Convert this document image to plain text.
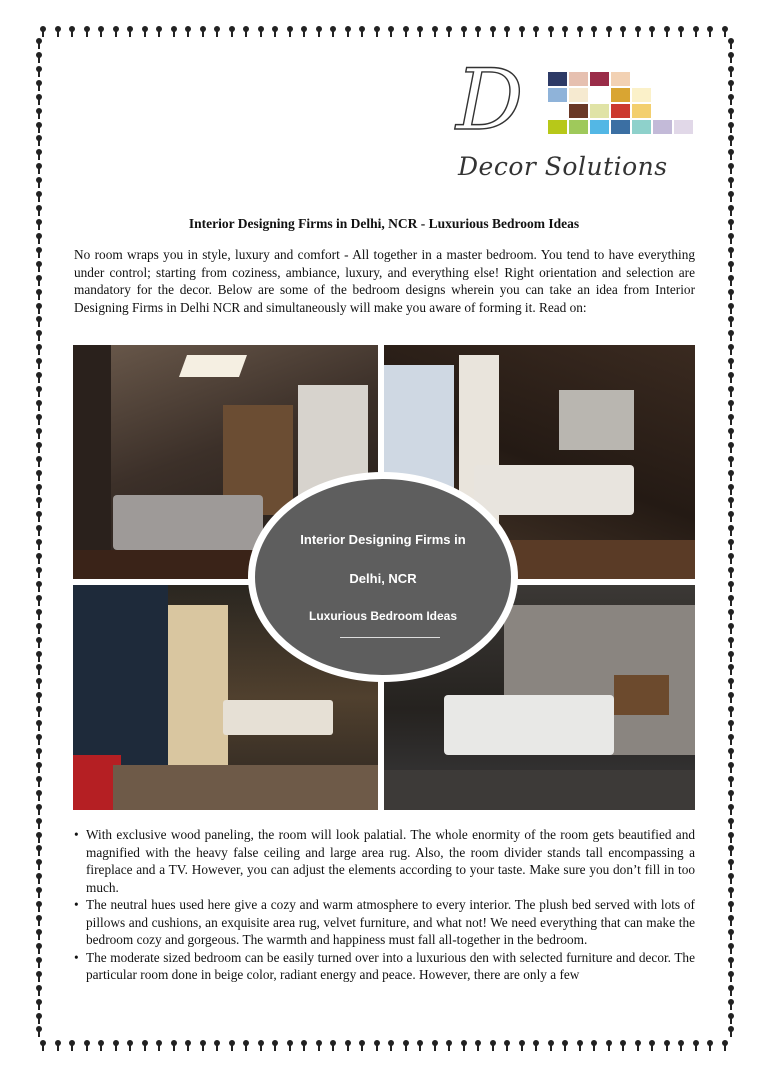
D
Decor Solutions
Interior Designing Firms in Delhi, NCR - Luxurious Bedroom Ideas

No room wraps you in style, luxury and comfort - All together in a master bedroom. You tend to have everything under control; starting from coziness, ambiance, luxury, and everything else! Right orientation and selection are mandatory for the decor. Below are some of the bedroom designs wherein you can take an idea from Interior Designing Firms in Delhi NCR and simultaneously will make you aware of forming it. Read on:

Interior Designing Firms in
Delhi, NCR
Luxurious Bedroom Ideas
• With exclusive wood paneling, the room will look palatial. The whole enormity of the room gets beautified and magnified with the heavy false ceiling and large area rug. Also, the room divider stands tall encompassing a fireplace and a TV. However, you can adjust the elements according to your taste. Make sure you don’t fill in too much.
• The neutral hues used here give a cozy and warm atmosphere to every interior. The plush bed served with lots of pillows and cushions, an exquisite area rug, velvet furniture, and what not! We need everything that can make the bedroom cozy and gorgeous. The warmth and happiness must fall all-together in the bedroom.
• The moderate sized bedroom can be easily turned over into a luxurious den with selected furniture and decor. The particular room done in beige color, radiant energy and peace. However, there are only a few
